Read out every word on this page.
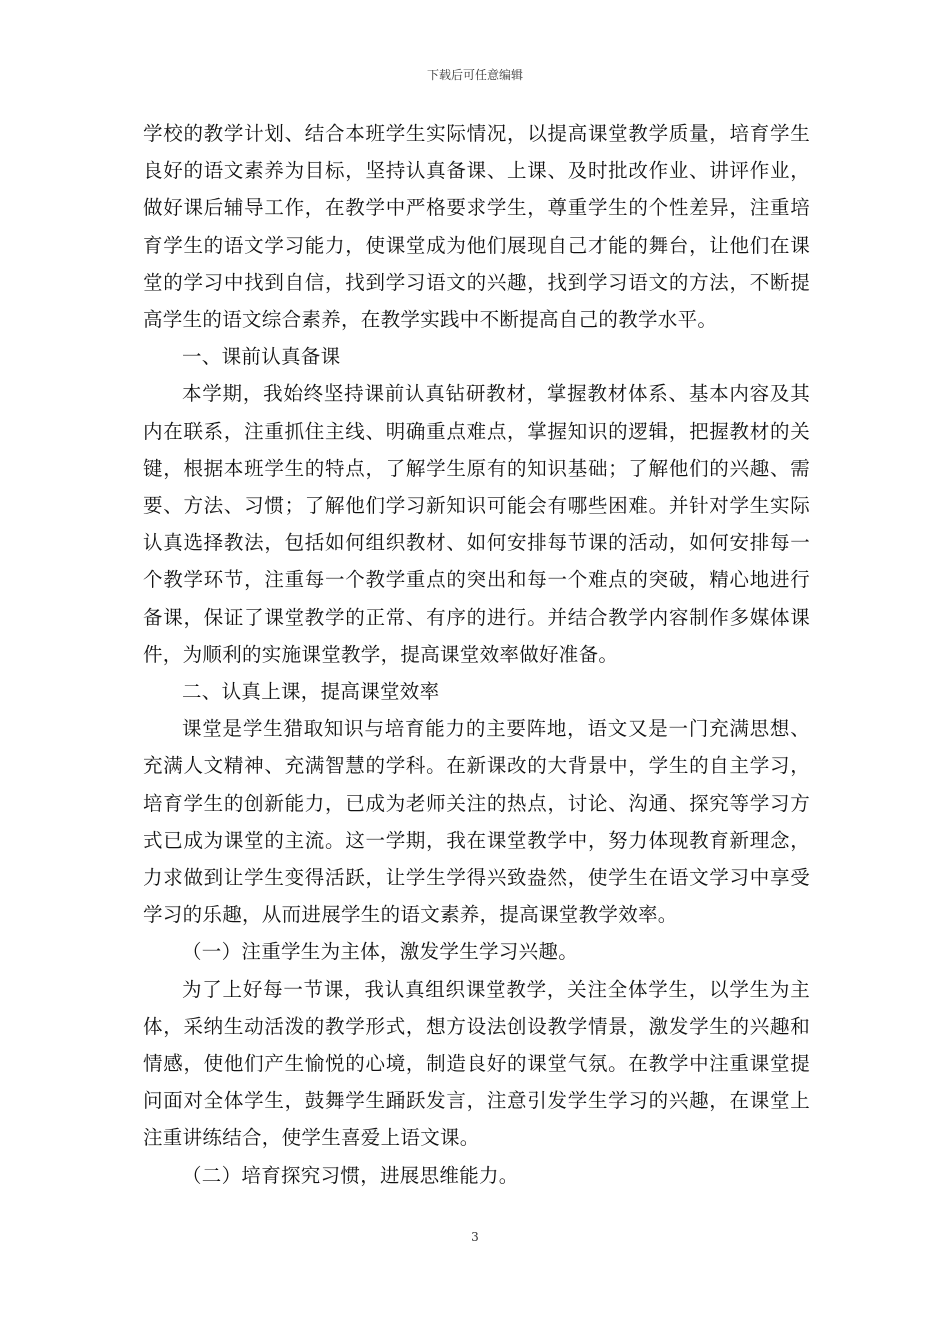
下载后可任意编辑

学校的教学计划、结合本班学生实际情况，以提高课堂教学质量，培育学生良好的语文素养为目标，坚持认真备课、上课、及时批改作业、讲评作业，做好课后辅导工作，在教学中严格要求学生，尊重学生的个性差异，注重培育学生的语文学习能力，使课堂成为他们展现自己才能的舞台，让他们在课堂的学习中找到自信，找到学习语文的兴趣，找到学习语文的方法，不断提高学生的语文综合素养，在教学实践中不断提高自己的教学水平。

一、课前认真备课

本学期，我始终坚持课前认真钻研教材，掌握教材体系、基本内容及其内在联系，注重抓住主线、明确重点难点，掌握知识的逻辑，把握教材的关键，根据本班学生的特点，了解学生原有的知识基础；了解他们的兴趣、需要、方法、习惯；了解他们学习新知识可能会有哪些困难。并针对学生实际认真选择教法，包括如何组织教材、如何安排每节课的活动，如何安排每一个教学环节，注重每一个教学重点的突出和每一个难点的突破，精心地进行备课，保证了课堂教学的正常、有序的进行。并结合教学内容制作多媒体课件，为顺利的实施课堂教学，提高课堂效率做好准备。

二、认真上课，提高课堂效率

课堂是学生猎取知识与培育能力的主要阵地，语文又是一门充满思想、充满人文精神、充满智慧的学科。在新课改的大背景中，学生的自主学习，培育学生的创新能力，已成为老师关注的热点，讨论、沟通、探究等学习方式已成为课堂的主流。这一学期，我在课堂教学中，努力体现教育新理念，力求做到让学生变得活跃，让学生学得兴致盎然，使学生在语文学习中享受学习的乐趣，从而进展学生的语文素养，提高课堂教学效率。

（一）注重学生为主体，激发学生学习兴趣。

为了上好每一节课，我认真组织课堂教学，关注全体学生，以学生为主体，采纳生动活泼的教学形式，想方设法创设教学情景，激发学生的兴趣和情感，使他们产生愉悦的心境，制造良好的课堂气氛。在教学中注重课堂提问面对全体学生，鼓舞学生踊跃发言，注意引发学生学习的兴趣，在课堂上注重讲练结合，使学生喜爱上语文课。

（二）培育探究习惯，进展思维能力。

3
